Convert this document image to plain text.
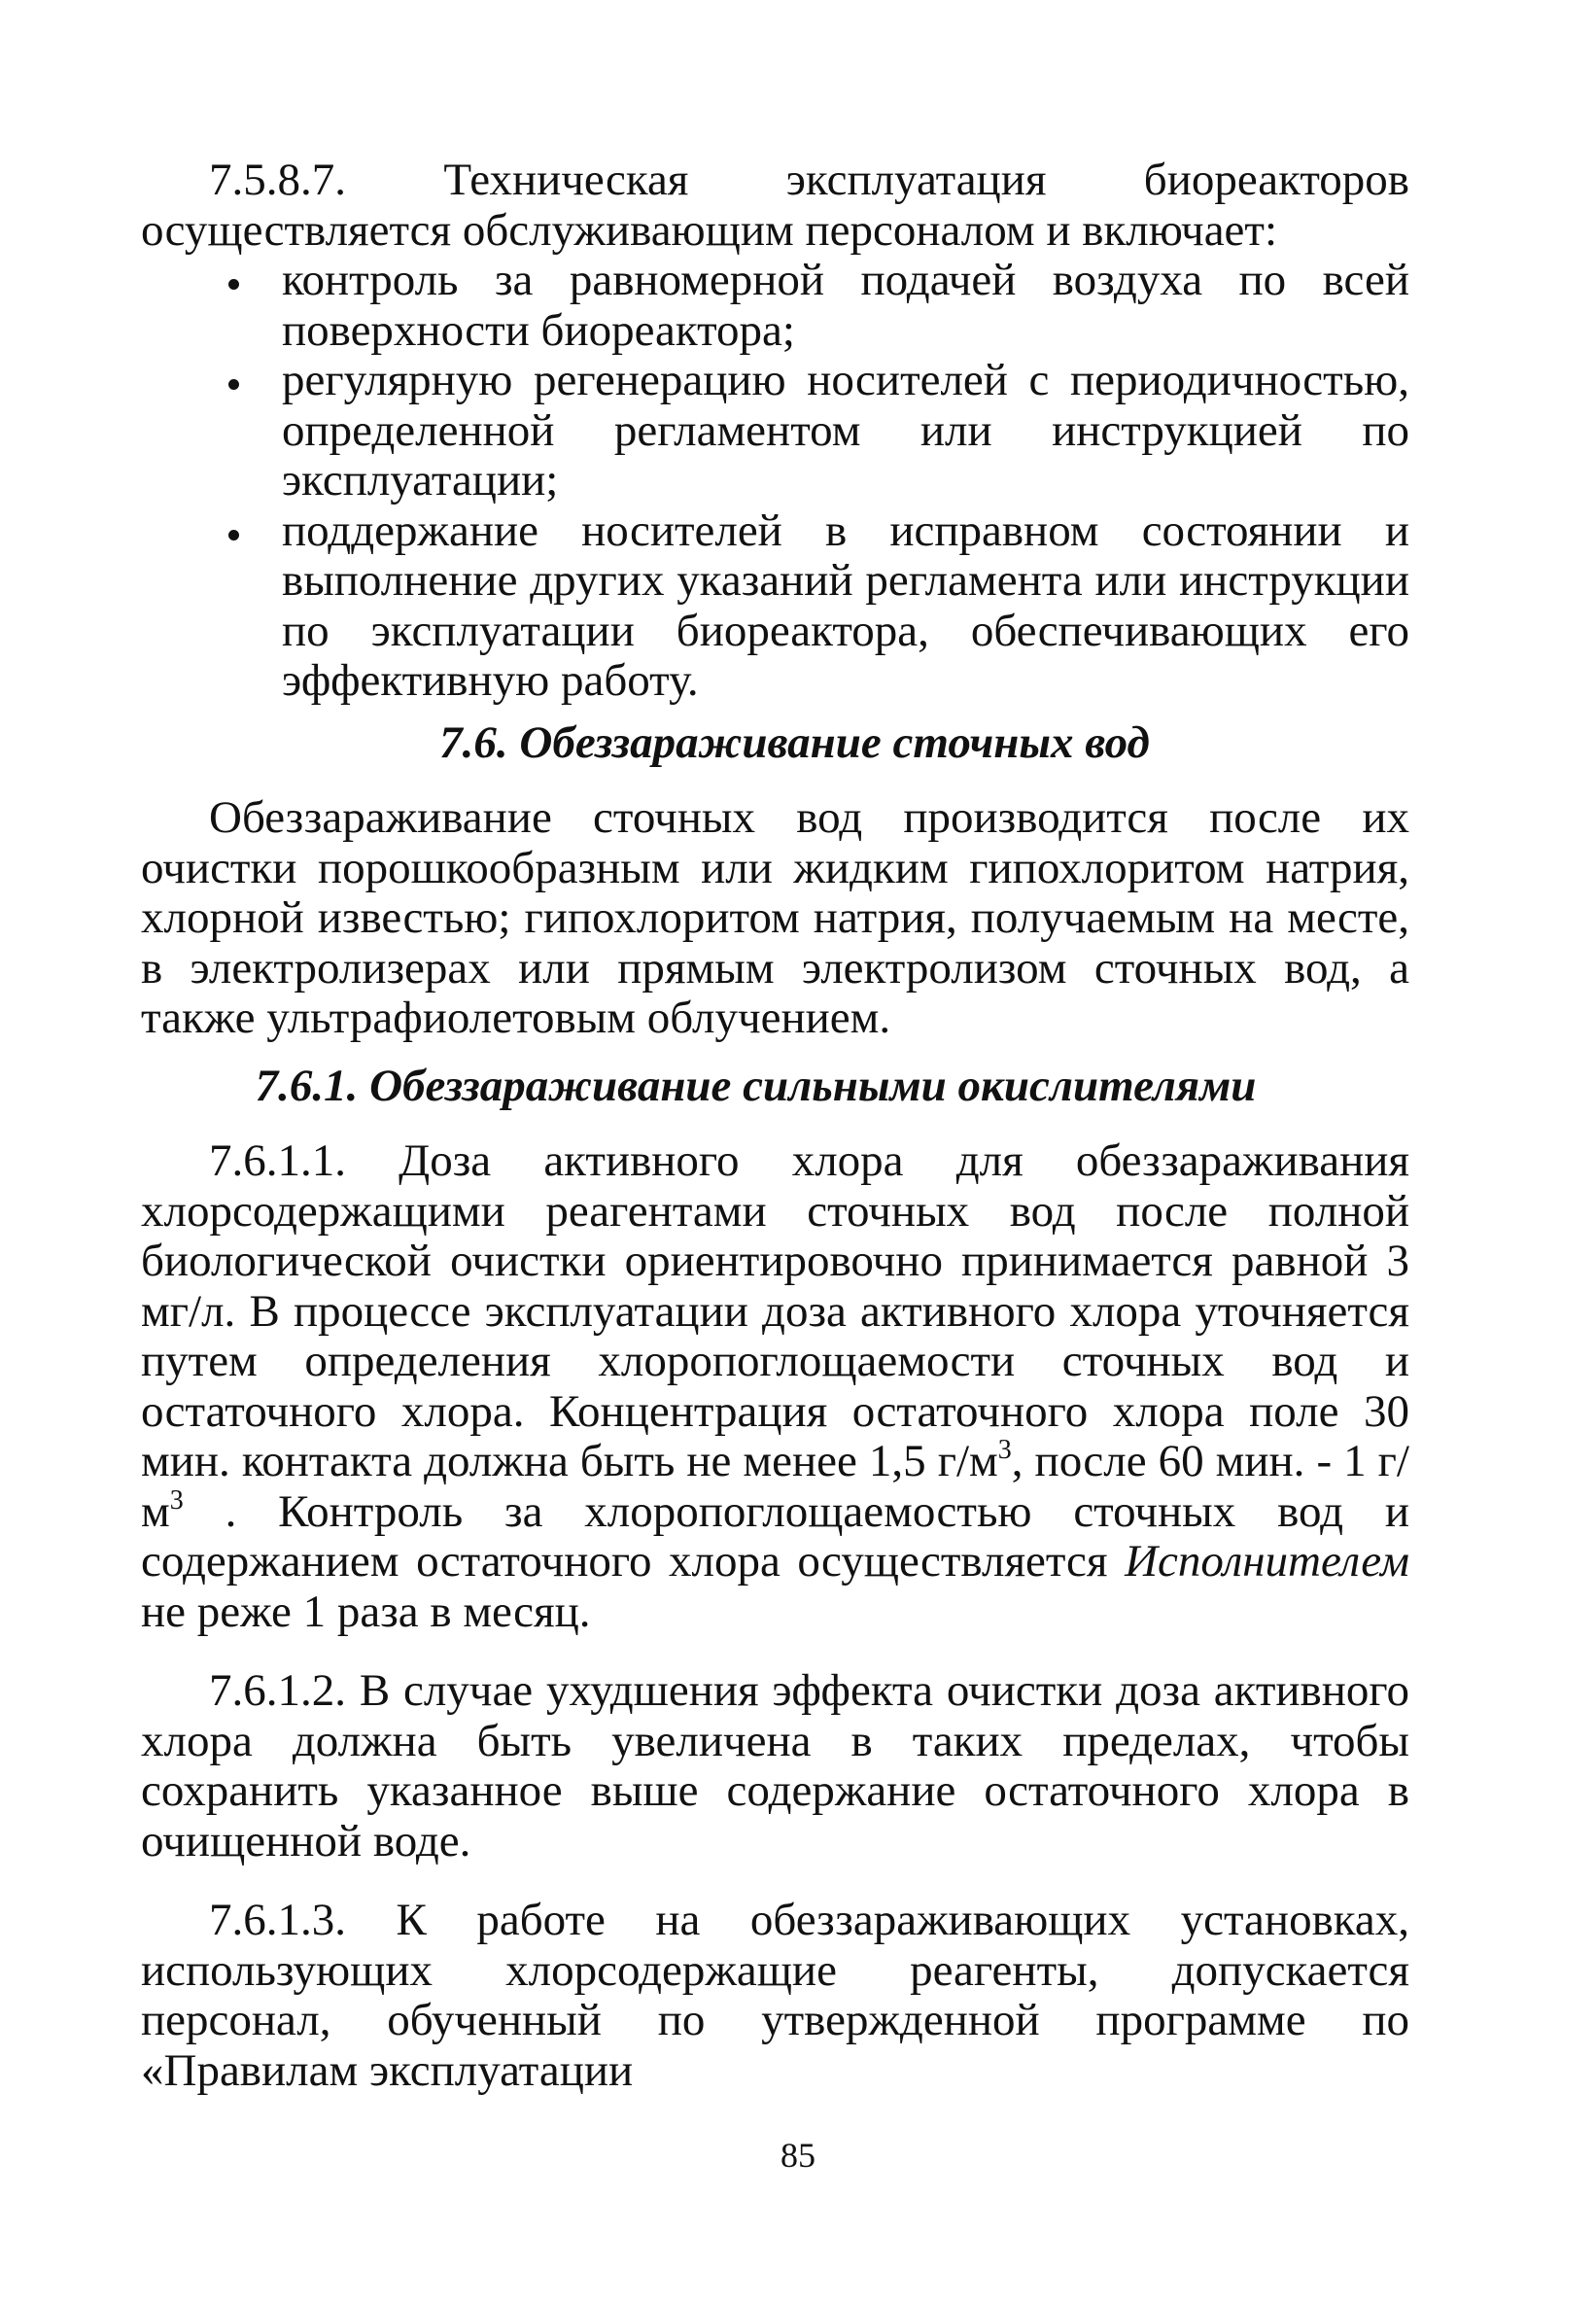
7.5.8.7. Техническая эксплуатация биореакторов осуществляется обслуживающим персоналом и включает:

контроль за равномерной подачей воздуха по всей поверхности биореактора;
регулярную регенерацию носителей с периодичностью, определенной регламентом или инструкцией по эксплуатации;
поддержание носителей в исправном состоянии и выполнение других указаний регламента или инструкции по эксплуатации биореактора, обеспечивающих его эффективную работу.

7.6. Обеззараживание сточных вод

Обеззараживание сточных вод производится после их очистки порошкообразным или жидким гипохлоритом натрия, хлорной известью; гипохлоритом натрия, получаемым на месте, в электролизерах или прямым электролизом сточных вод, а также ультрафиолетовым облучением.

7.6.1. Обеззараживание сильными окислителями

7.6.1.1. Доза активного хлора для обеззараживания хлорсодержащими реагентами сточных вод после полной биологической очистки ориентировочно принимается равной 3 мг/л. В процессе эксплуатации доза активного хлора уточняется путем определения хлоропоглощаемости сточных вод и остаточного хлора. Концентрация остаточного хлора поле 30 мин. контакта должна быть не менее 1,5 $г/м^3$, после 60 мин. - 1 $г/м^3$ . Контроль за хлоропоглощаемостью сточных вод и содержанием остаточного хлора осуществляется Исполнителем не реже 1 раза в месяц.

7.6.1.2. В случае ухудшения эффекта очистки доза активного хлора должна быть увеличена в таких пределах, чтобы сохранить указанное выше содержание остаточного хлора в очищенной воде.

7.6.1.3. К работе на обеззараживающих установках, использующих хлорсодержащие реагенты, допускается персонал, обученный по утвержденной программе по «Правилам эксплуатации

85
